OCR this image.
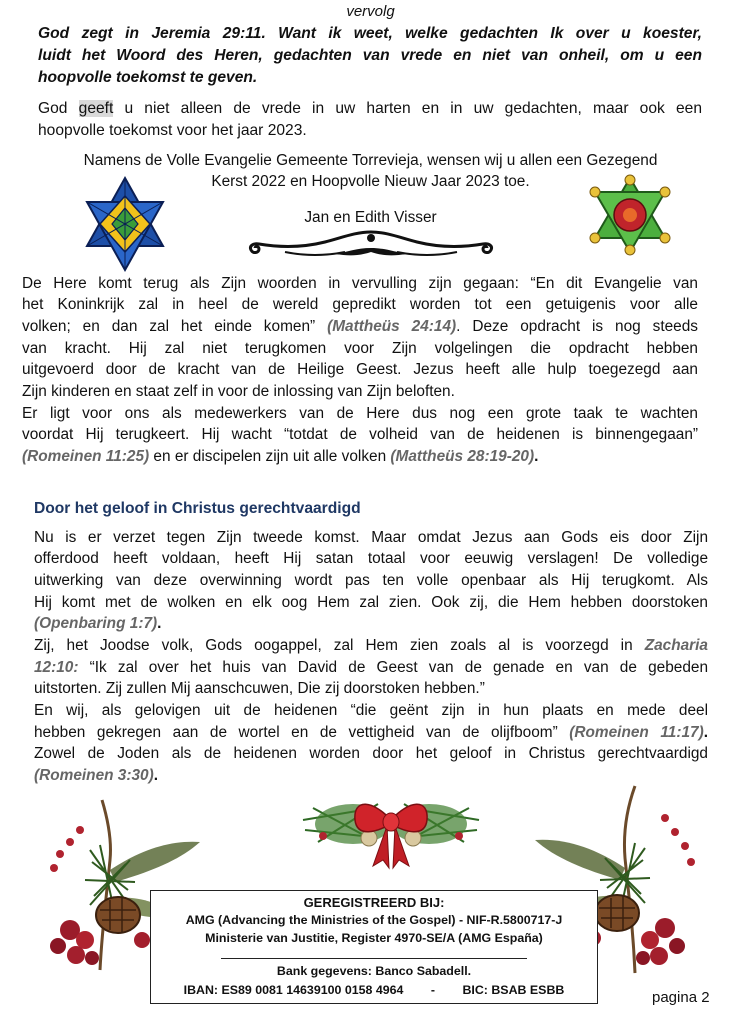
vervolg
God zegt in Jeremia 29:11. Want ik weet, welke gedachten Ik over u koester,
luidt het Woord des Heren, gedachten van vrede en niet van onheil, om u een
hoopvolle toekomst te geven.
God geeft u niet alleen de vrede in uw harten en in uw gedachten, maar ook een
hoopvolle toekomst voor het jaar 2023.
Namens de Volle Evangelie Gemeente Torrevieja, wensen wij u allen een Gezegend
Kerst 2022 en Hoopvolle Nieuw Jaar 2023 toe.
Jan en Edith Visser
De Here komt terug als Zijn woorden in vervulling zijn gegaan: “En dit Evangelie van
het Koninkrijk zal in heel de wereld gepredikt worden tot een getuigenis voor alle
volken; en dan zal het einde komen” (Mattheüs 24:14). Deze opdracht is nog steeds
van kracht. Hij zal niet terugkomen voor Zijn volgelingen die opdracht hebben
uitgevoerd door de kracht van de Heilige Geest. Jezus heeft alle hulp toegezegd aan
Zijn kinderen en staat zelf in voor de inlossing van Zijn beloften.
Er ligt voor ons als medewerkers van de Here dus nog een grote taak te wachten
voordat Hij terugkeert. Hij wacht “totdat de volheid van de heidenen is binnengegaan”
(Romeinen 11:25) en er discipelen zijn uit alle volken (Mattheüs 28:19-20).
Door het geloof in Christus gerechtvaardigd
Nu is er verzet tegen Zijn tweede komst. Maar omdat Jezus aan Gods eis door Zijn
offerdood heeft voldaan, heeft Hij satan totaal voor eeuwig verslagen! De volledige
uitwerking van deze overwinning wordt pas ten volle openbaar als Hij terugkomt. Als
Hij komt met de wolken en elk oog Hem zal zien. Ook zij, die Hem hebben doorstoken
(Openbaring 1:7).
Zij, het Joodse volk, Gods oogappel, zal Hem zien zoals al is voorzegd in Zacharia
12:10: “Ik zal over het huis van David de Geest van de genade en van de gebeden
uitstorten. Zij zullen Mij aanschcuwen, Die zij doorstoken hebben.”
En wij, als gelovigen uit de heidenen “die geënt zijn in hun plaats en mede deel
hebben gekregen aan de wortel en de vettigheid van de olijfboom” (Romeinen 11:17).
Zowel de Joden als de heidenen worden door het geloof in Christus gerechtvaardigd
(Romeinen 3:30).
GEREGISTREERD BIJ:
AMG (Advancing the Ministries of the Gospel) - NIF-R.5800717-J
Ministerie van Justitie, Register 4970-SE/A (AMG España)
Bank gegevens: Banco Sabadell.
IBAN: ES89 0081 14639100 0158 4964 - BIC: BSAB ESBB	pagina 2
